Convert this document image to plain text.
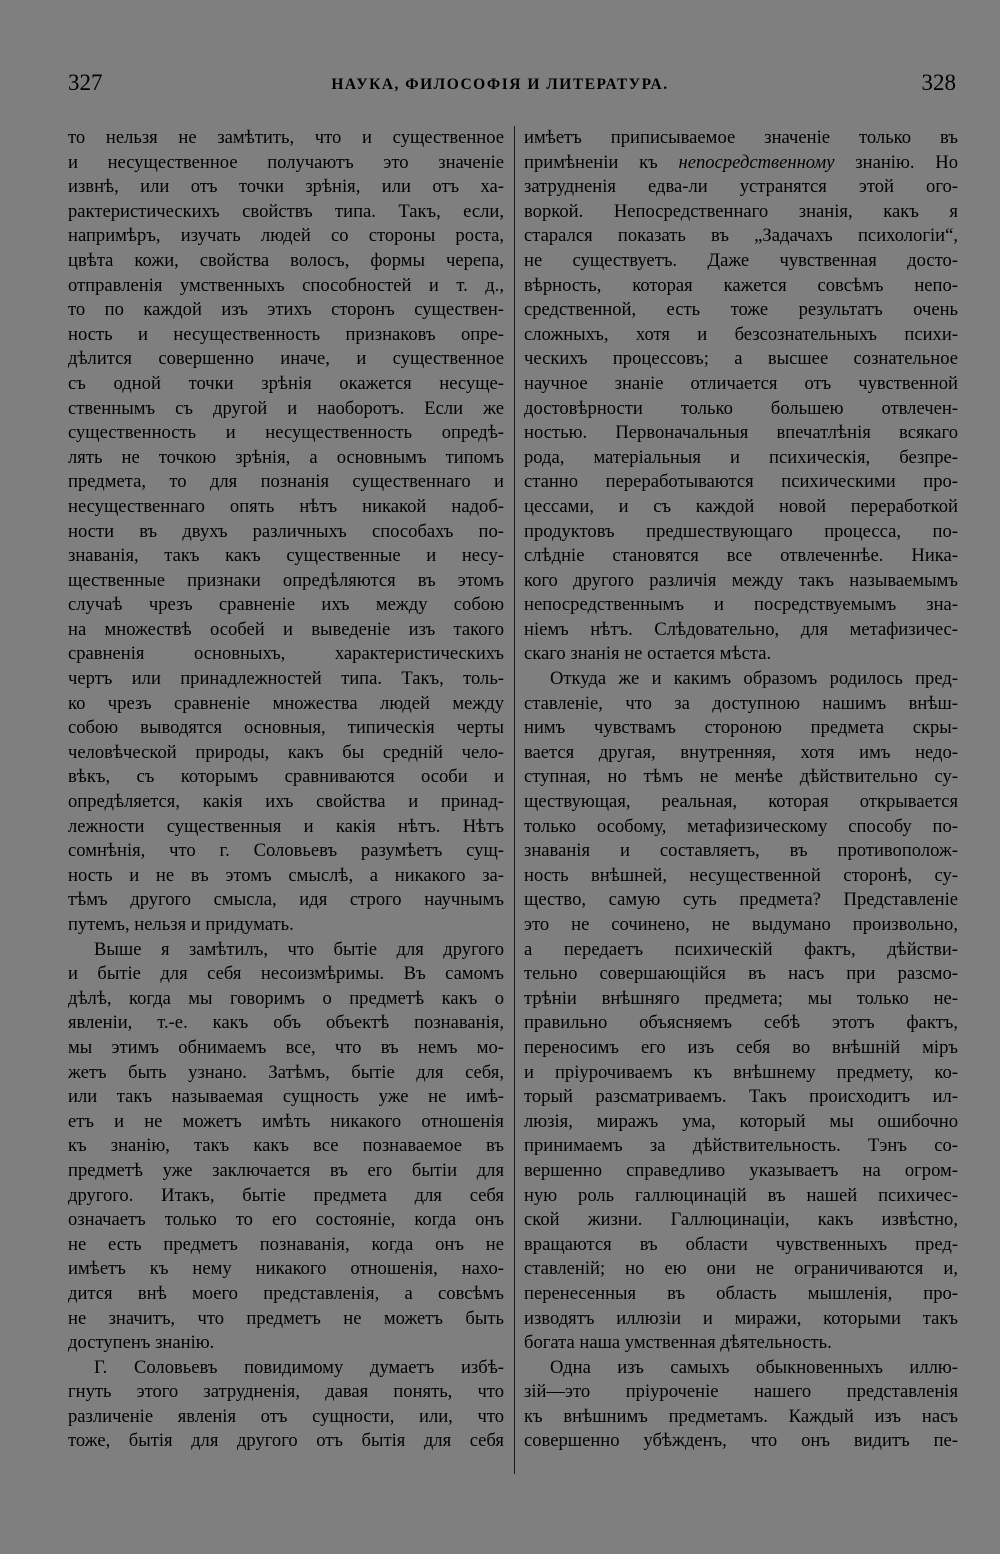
327	НАУКА, ФИЛОСОФІЯ И ЛИТЕРАТУРА.	328
то нельзя не замѣтить, что и существенное
и несущественное получаютъ это значеніе
извнѣ, или отъ точки зрѣнія, или отъ ха-
рактеристическихъ свойствъ типа. Такъ, если,
напримѣръ, изучать людей со стороны роста,
цвѣта кожи, свойства волосъ, формы черепа,
отправленія умственныхъ способностей и т. д.,
то по каждой изъ этихъ сторонъ существен-
ность и несущественность признаковъ опре-
дѣлится совершенно иначе, и существенное
съ одной точки зрѣнія окажется несуще-
ственнымъ съ другой и наоборотъ. Если же
существенность и несущественность опредѣ-
лять не точкою зрѣнія, а основнымъ типомъ
предмета, то для познанія существеннаго и
несущественнаго опять нѣтъ никакой надоб-
ности въ двухъ различныхъ способахъ по-
знаванія, такъ какъ существенные и несу-
щественные признаки опредѣляются въ этомъ
случаѣ чрезъ сравненіе ихъ между собою
на множествѣ особей и выведеніе изъ такого
сравненія основныхъ, характеристическихъ
чертъ или принадлежностей типа. Такъ, толь-
ко чрезъ сравненіе множества людей между
собою выводятся основныя, типическія черты
человѣческой природы, какъ бы средній чело-
вѣкъ, съ которымъ сравниваются особи и
опредѣляется, какія ихъ свойства и принад-
лежности существенныя и какія нѣтъ. Нѣтъ
сомнѣнія, что г. Соловьевъ разумѣетъ сущ-
ность и не въ этомъ смыслѣ, а никакого за-
тѣмъ другого смысла, идя строго научнымъ
путемъ, нельзя и придумать.
Выше я замѣтилъ, что бытіе для другого
и бытіе для себя несоизмѣримы. Въ самомъ
дѣлѣ, когда мы говоримъ о предметѣ какъ о
явленіи, т.-е. какъ объ объектѣ познаванія,
мы этимъ обнимаемъ все, что въ немъ мо-
жетъ быть узнано. Затѣмъ, бытіе для себя,
или такъ называемая сущность уже не имѣ-
етъ и не можетъ имѣть никакого отношенія
къ знанію, такъ какъ все познаваемое въ
предметѣ уже заключается въ его бытіи для
другого. Итакъ, бытіе предмета для себя
означаетъ только то его состояніе, когда онъ
не есть предметъ познаванія, когда онъ не
имѣетъ къ нему никакого отношенія, нахо-
дится внѣ моего представленія, а совсѣмъ
не значитъ, что предметъ не можетъ быть
доступенъ знанію.
Г. Соловьевъ повидимому думаетъ избѣ-
гнуть этого затрудненія, давая понять, что
различеніе явленія отъ сущности, или, что
тоже, бытія для другого отъ бытія для себя
имѣетъ приписываемое значеніе только въ
примѣненіи къ непосредственному знанію. Но
затрудненія едва-ли устранятся этой ого-
воркой. Непосредственнаго знанія, какъ я
старался показать въ „Задачахъ психологіи“,
не существуетъ. Даже чувственная досто-
вѣрность, которая кажется совсѣмъ непо-
средственной, есть тоже результатъ очень
сложныхъ, хотя и безсознательныхъ психи-
ческихъ процессовъ; а высшее сознательное
научное знаніе отличается отъ чувственной
достовѣрности только большею отвлечен-
ностью. Первоначальныя впечатлѣнія всякаго
рода, матеріальныя и психическія, безпре-
станно переработываются психическими про-
цессами, и съ каждой новой переработкой
продуктовъ предшествующаго процесса, по-
слѣдніе становятся все отвлеченнѣе. Ника-
кого другого различія между такъ называемымъ
непосредственнымъ и посредствуемымъ зна-
ніемъ нѣтъ. Слѣдовательно, для метафизичес-
скаго знанія не остается мѣста.
Откуда же и какимъ образомъ родилось пред-
ставленіе, что за доступною нашимъ внѣш-
нимъ чувствамъ стороною предмета скры-
вается другая, внутренняя, хотя имъ недо-
ступная, но тѣмъ не менѣе дѣйствительно су-
ществующая, реальная, которая открывается
только особому, метафизическому способу по-
знаванія и составляетъ, въ противополож-
ность внѣшней, несущественной сторонѣ, су-
щество, самую суть предмета? Представленіе
это не сочинено, не выдумано произвольно,
а передаетъ психическій фактъ, дѣйстви-
тельно совершающійся въ насъ при разсмо-
трѣніи внѣшняго предмета; мы только не-
правильно объясняемъ себѣ этотъ фактъ,
переносимъ его изъ себя во внѣшній міръ
и пріурочиваемъ къ внѣшнему предмету, ко-
торый разсматриваемъ. Такъ происходитъ ил-
люзія, миражъ ума, который мы ошибочно
принимаемъ за дѣйствительность. Тэнъ со-
вершенно справедливо указываетъ на огром-
ную роль галлюцинацій въ нашей психичес-
ской жизни. Галлюцинаціи, какъ извѣстно,
вращаются въ области чувственныхъ пред-
ставленій; но ею они не ограничиваются и,
перенесенныя въ область мышленія, про-
изводятъ иллюзіи и миражи, которыми такъ
богата наша умственная дѣятельность.
Одна изъ самыхъ обыкновенныхъ иллю-
зій—это пріуроченіе нашего представленія
къ внѣшнимъ предметамъ. Каждый изъ насъ
совершенно убѣжденъ, что онъ видитъ пе-
